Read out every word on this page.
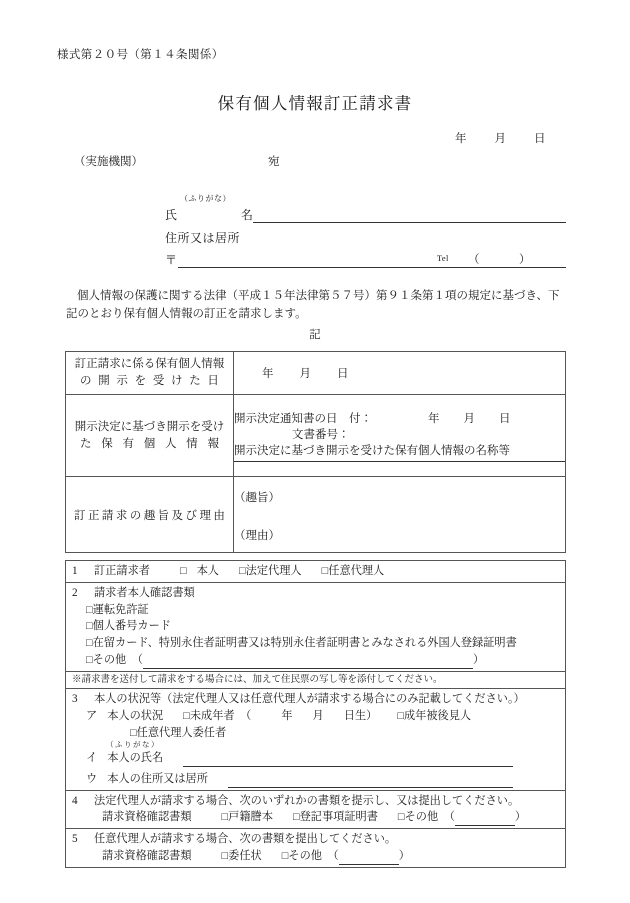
様式第２０号（第１４条関係）
保有個人情報訂正請求書
年 月 日
（実施機関）	宛
（ふりがな）
氏	名
住所又は居所
〒	Tel （　）
個人情報の保護に関する法律（平成１５年法律第５７号）第９１条第１項の規定に基づき、下記のとおり保有個人情報の訂正を請求します。
記
訂正請求に係る保有個人情報
の 開 示 を 受 け た 日
	年 月 日

開示決定に基づき開示を受け
た 保 有 個 人 情 報

開示決定通知書の日　付：	年 月 日
文書番号：
開示決定に基づき開示を受けた保有個人情報の名称等

訂 正 請 求 の 趣 旨 及 び 理 由

（趣旨）
（理由）
1 訂正請求者	□ 本人 □法定代理人 □任意代理人
2 請求者本人確認書類
□運転免許証
□個人番号カード
□在留カード、特別永住者証明書又は特別永住者証明書とみなされる外国人登録証明書
□その他　（	）

※請求書を送付して請求をする場合には、加えて住民票の写し等を添付してください。
3 本人の状況等（法定代理人又は任意代理人が請求する場合にのみ記載してください。）
ア 本人の状況 □未成年者　（	年 月 日生） □成年被後見人
□任意代理人委任者
（ふりがな）
イ 本人の氏名
ウ 本人の住所又は居所

4 法定代理人が請求する場合、次のいずれかの書類を提示し、又は提出してください。
請求資格確認書類	□戸籍謄本 □登記事項証明書 □その他　（	）

5 任意代理人が請求する場合、次の書類を提出してください。
請求資格確認書類	□委任状 □その他　（	）
